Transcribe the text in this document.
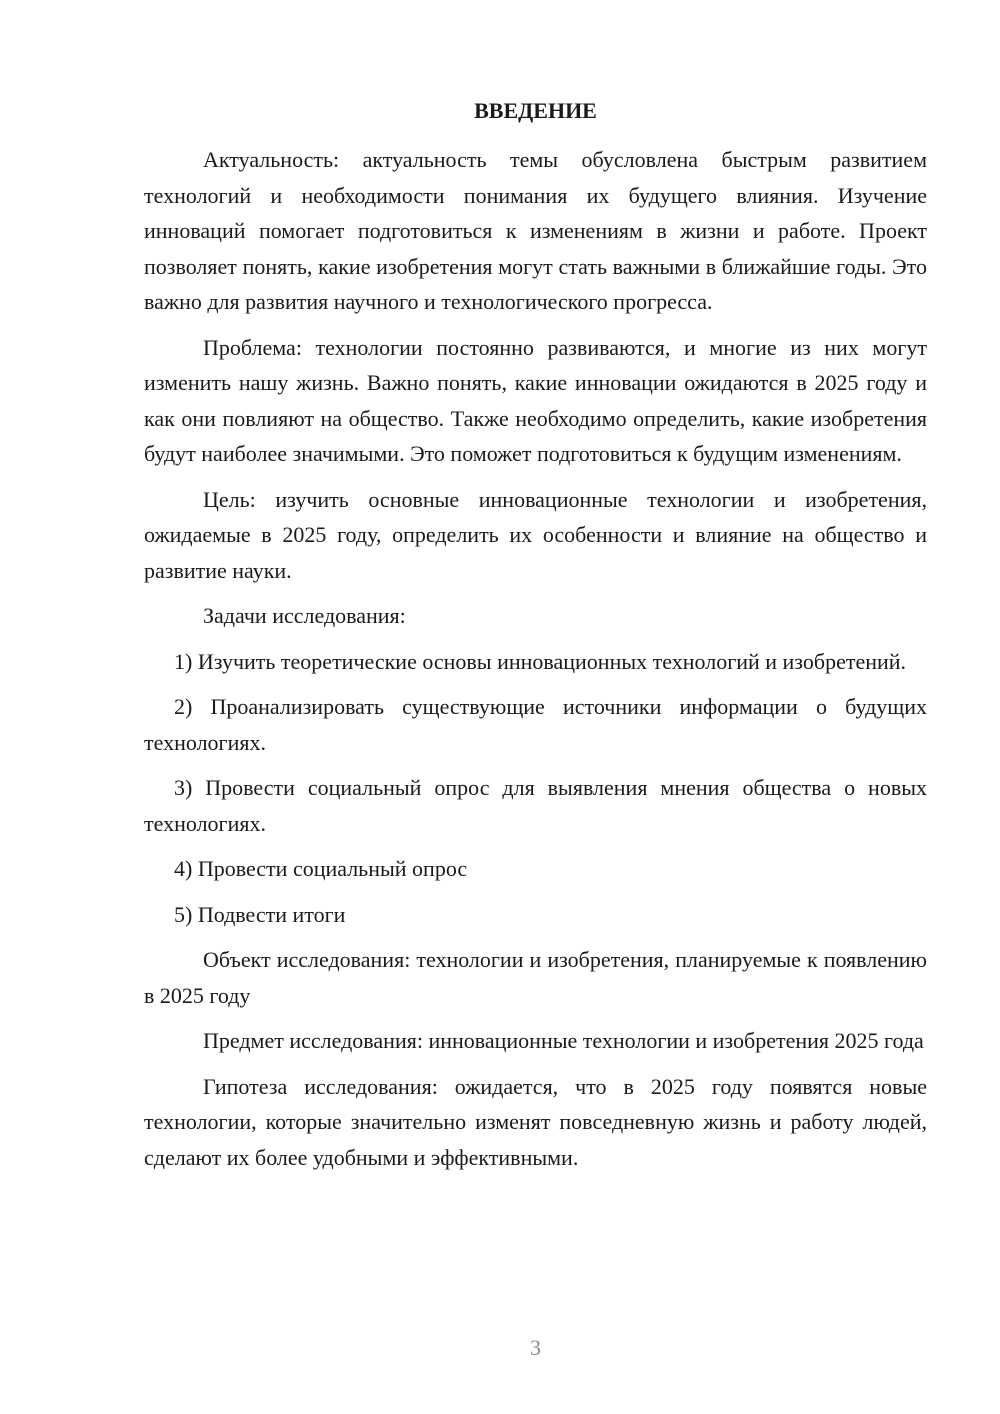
ВВЕДЕНИЕ

Актуальность: актуальность темы обусловлена быстрым развитием технологий и необходимости понимания их будущего влияния. Изучение инноваций помогает подготовиться к изменениям в жизни и работе. Проект позволяет понять, какие изобретения могут стать важными в ближайшие годы. Это важно для развития научного и технологического прогресса.

Проблема: технологии постоянно развиваются, и многие из них могут изменить нашу жизнь. Важно понять, какие инновации ожидаются в 2025 году и как они повлияют на общество. Также необходимо определить, какие изобретения будут наиболее значимыми. Это поможет подготовиться к будущим изменениям.

Цель: изучить основные инновационные технологии и изобретения, ожидаемые в 2025 году, определить их особенности и влияние на общество и развитие науки.

Задачи исследования:

1) Изучить теоретические основы инновационных технологий и изобретений.

2) Проанализировать существующие источники информации о будущих технологиях.

3) Провести социальный опрос для выявления мнения общества о новых технологиях.

4) Провести социальный опрос

5) Подвести итоги

Объект исследования: технологии и изобретения, планируемые к появлению в 2025 году

Предмет исследования: инновационные технологии и изобретения 2025 года

Гипотеза исследования: ожидается, что в 2025 году появятся новые технологии, которые значительно изменят повседневную жизнь и работу людей, сделают их более удобными и эффективными.

3
